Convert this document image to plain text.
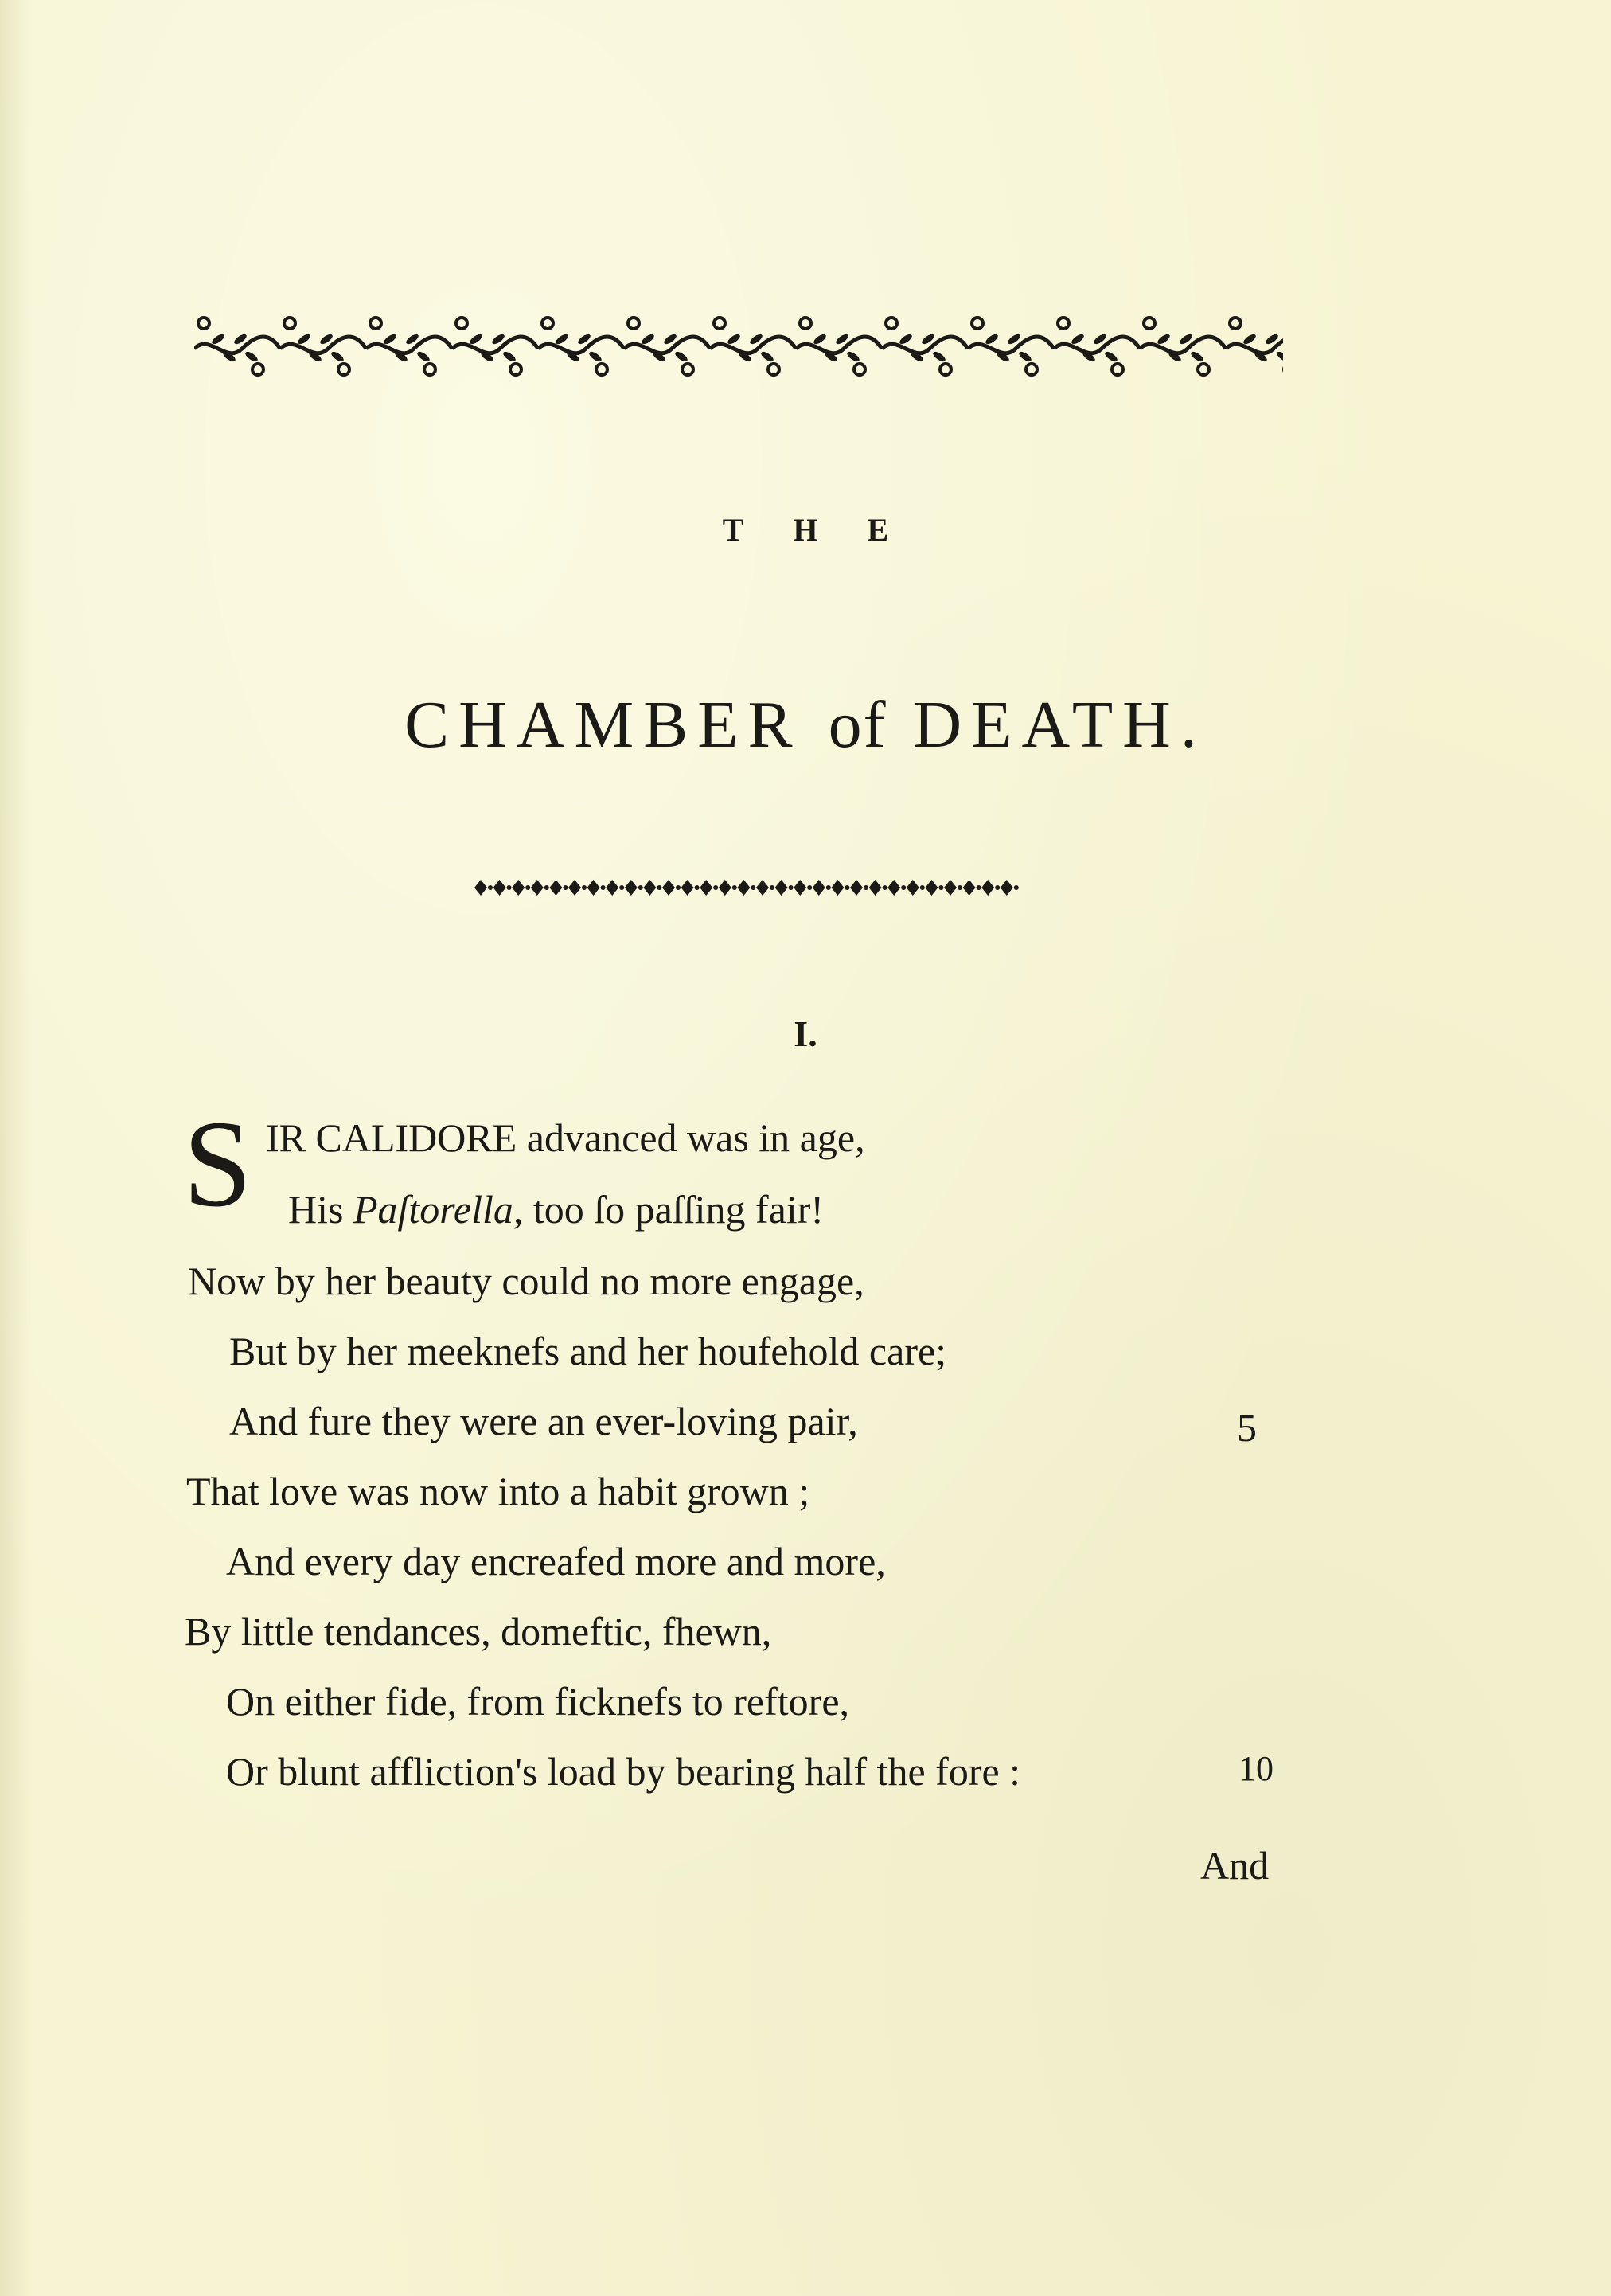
THE
CHAMBER of DEATH.
I.
S IR CALIDORE advanced was in age,
His Paſtorella, too ſo paſſing fair!
Now by her beauty could no more engage,
But by her meeknefs and her houfehold care;
And fure they were an ever-loving pair,	5
That love was now into a habit grown ;
And every day encreafed more and more,
By little tendances, domeftic, fhewn,
On either fide, from ficknefs to reftore,
Or blunt affliction's load by bearing half the fore :	10
And
